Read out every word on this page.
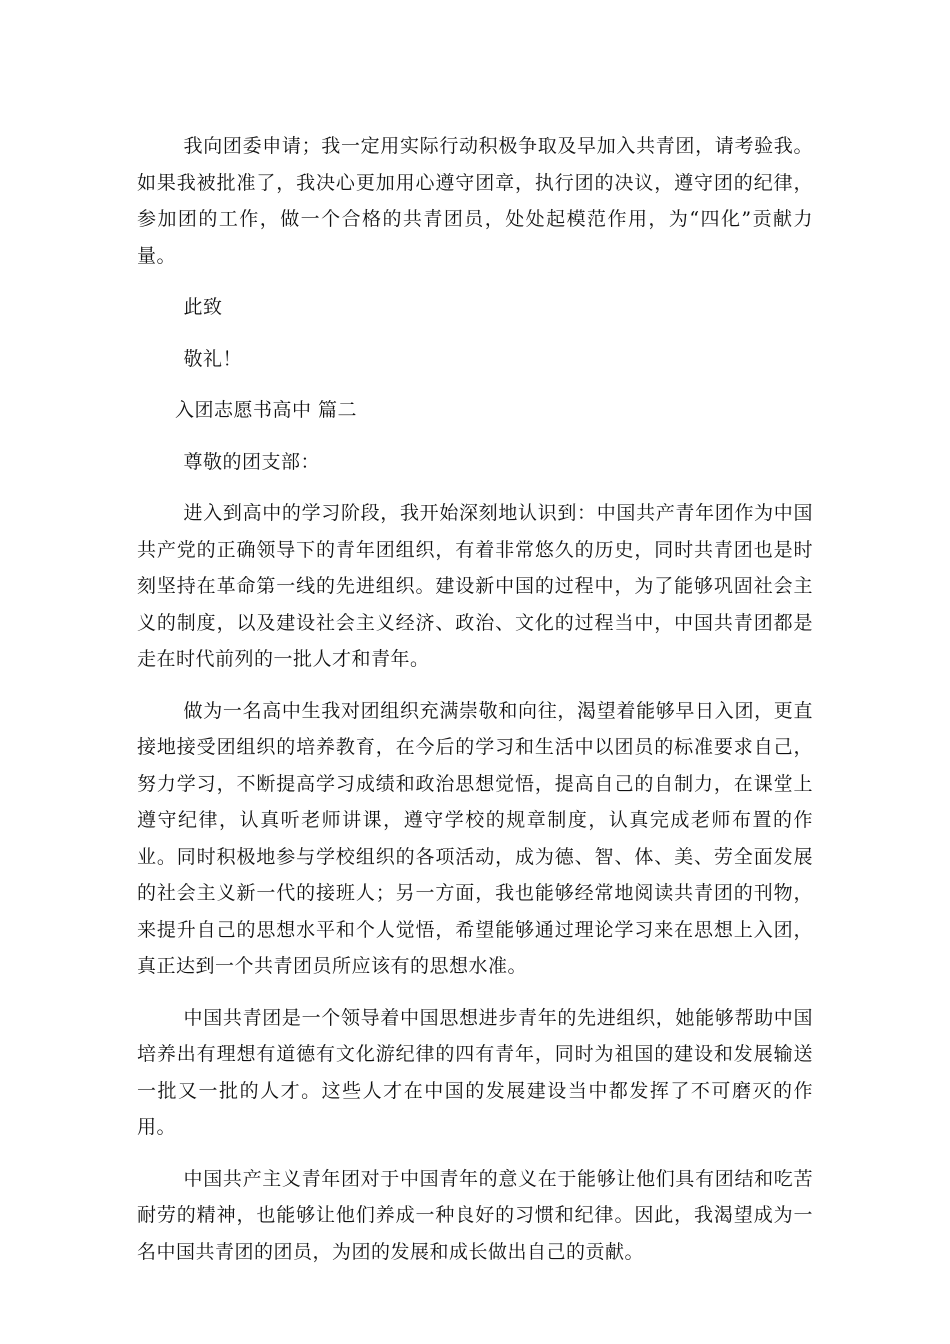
我向团委申请；我一定用实际行动积极争取及早加入共青团，请考验我。如果我被批准了，我决心更加用心遵守团章，执行团的决议，遵守团的纪律，参加团的工作，做一个合格的共青团员，处处起模范作用，为“四化”贡献力量。

此致

敬礼！

入团志愿书高中 篇二

尊敬的团支部：

进入到高中的学习阶段，我开始深刻地认识到：中国共产青年团作为中国共产党的正确领导下的青年团组织，有着非常悠久的历史，同时共青团也是时刻坚持在革命第一线的先进组织。建设新中国的过程中，为了能够巩固社会主义的制度，以及建设社会主义经济、政治、文化的过程当中，中国共青团都是走在时代前列的一批人才和青年。

做为一名高中生我对团组织充满崇敬和向往，渴望着能够早日入团，更直接地接受团组织的培养教育，在今后的学习和生活中以团员的标准要求自己，努力学习，不断提高学习成绩和政治思想觉悟，提高自己的自制力，在课堂上遵守纪律，认真听老师讲课，遵守学校的规章制度，认真完成老师布置的作业。同时积极地参与学校组织的各项活动，成为德、智、体、美、劳全面发展的社会主义新一代的接班人；另一方面，我也能够经常地阅读共青团的刊物，来提升自己的思想水平和个人觉悟，希望能够通过理论学习来在思想上入团，真正达到一个共青团员所应该有的思想水准。

中国共青团是一个领导着中国思想进步青年的先进组织，她能够帮助中国培养出有理想有道德有文化游纪律的四有青年，同时为祖国的建设和发展输送一批又一批的人才。这些人才在中国的发展建设当中都发挥了不可磨灭的作用。

中国共产主义青年团对于中国青年的意义在于能够让他们具有团结和吃苦耐劳的精神，也能够让他们养成一种良好的习惯和纪律。因此，我渴望成为一名中国共青团的团员，为团的发展和成长做出自己的贡献。
